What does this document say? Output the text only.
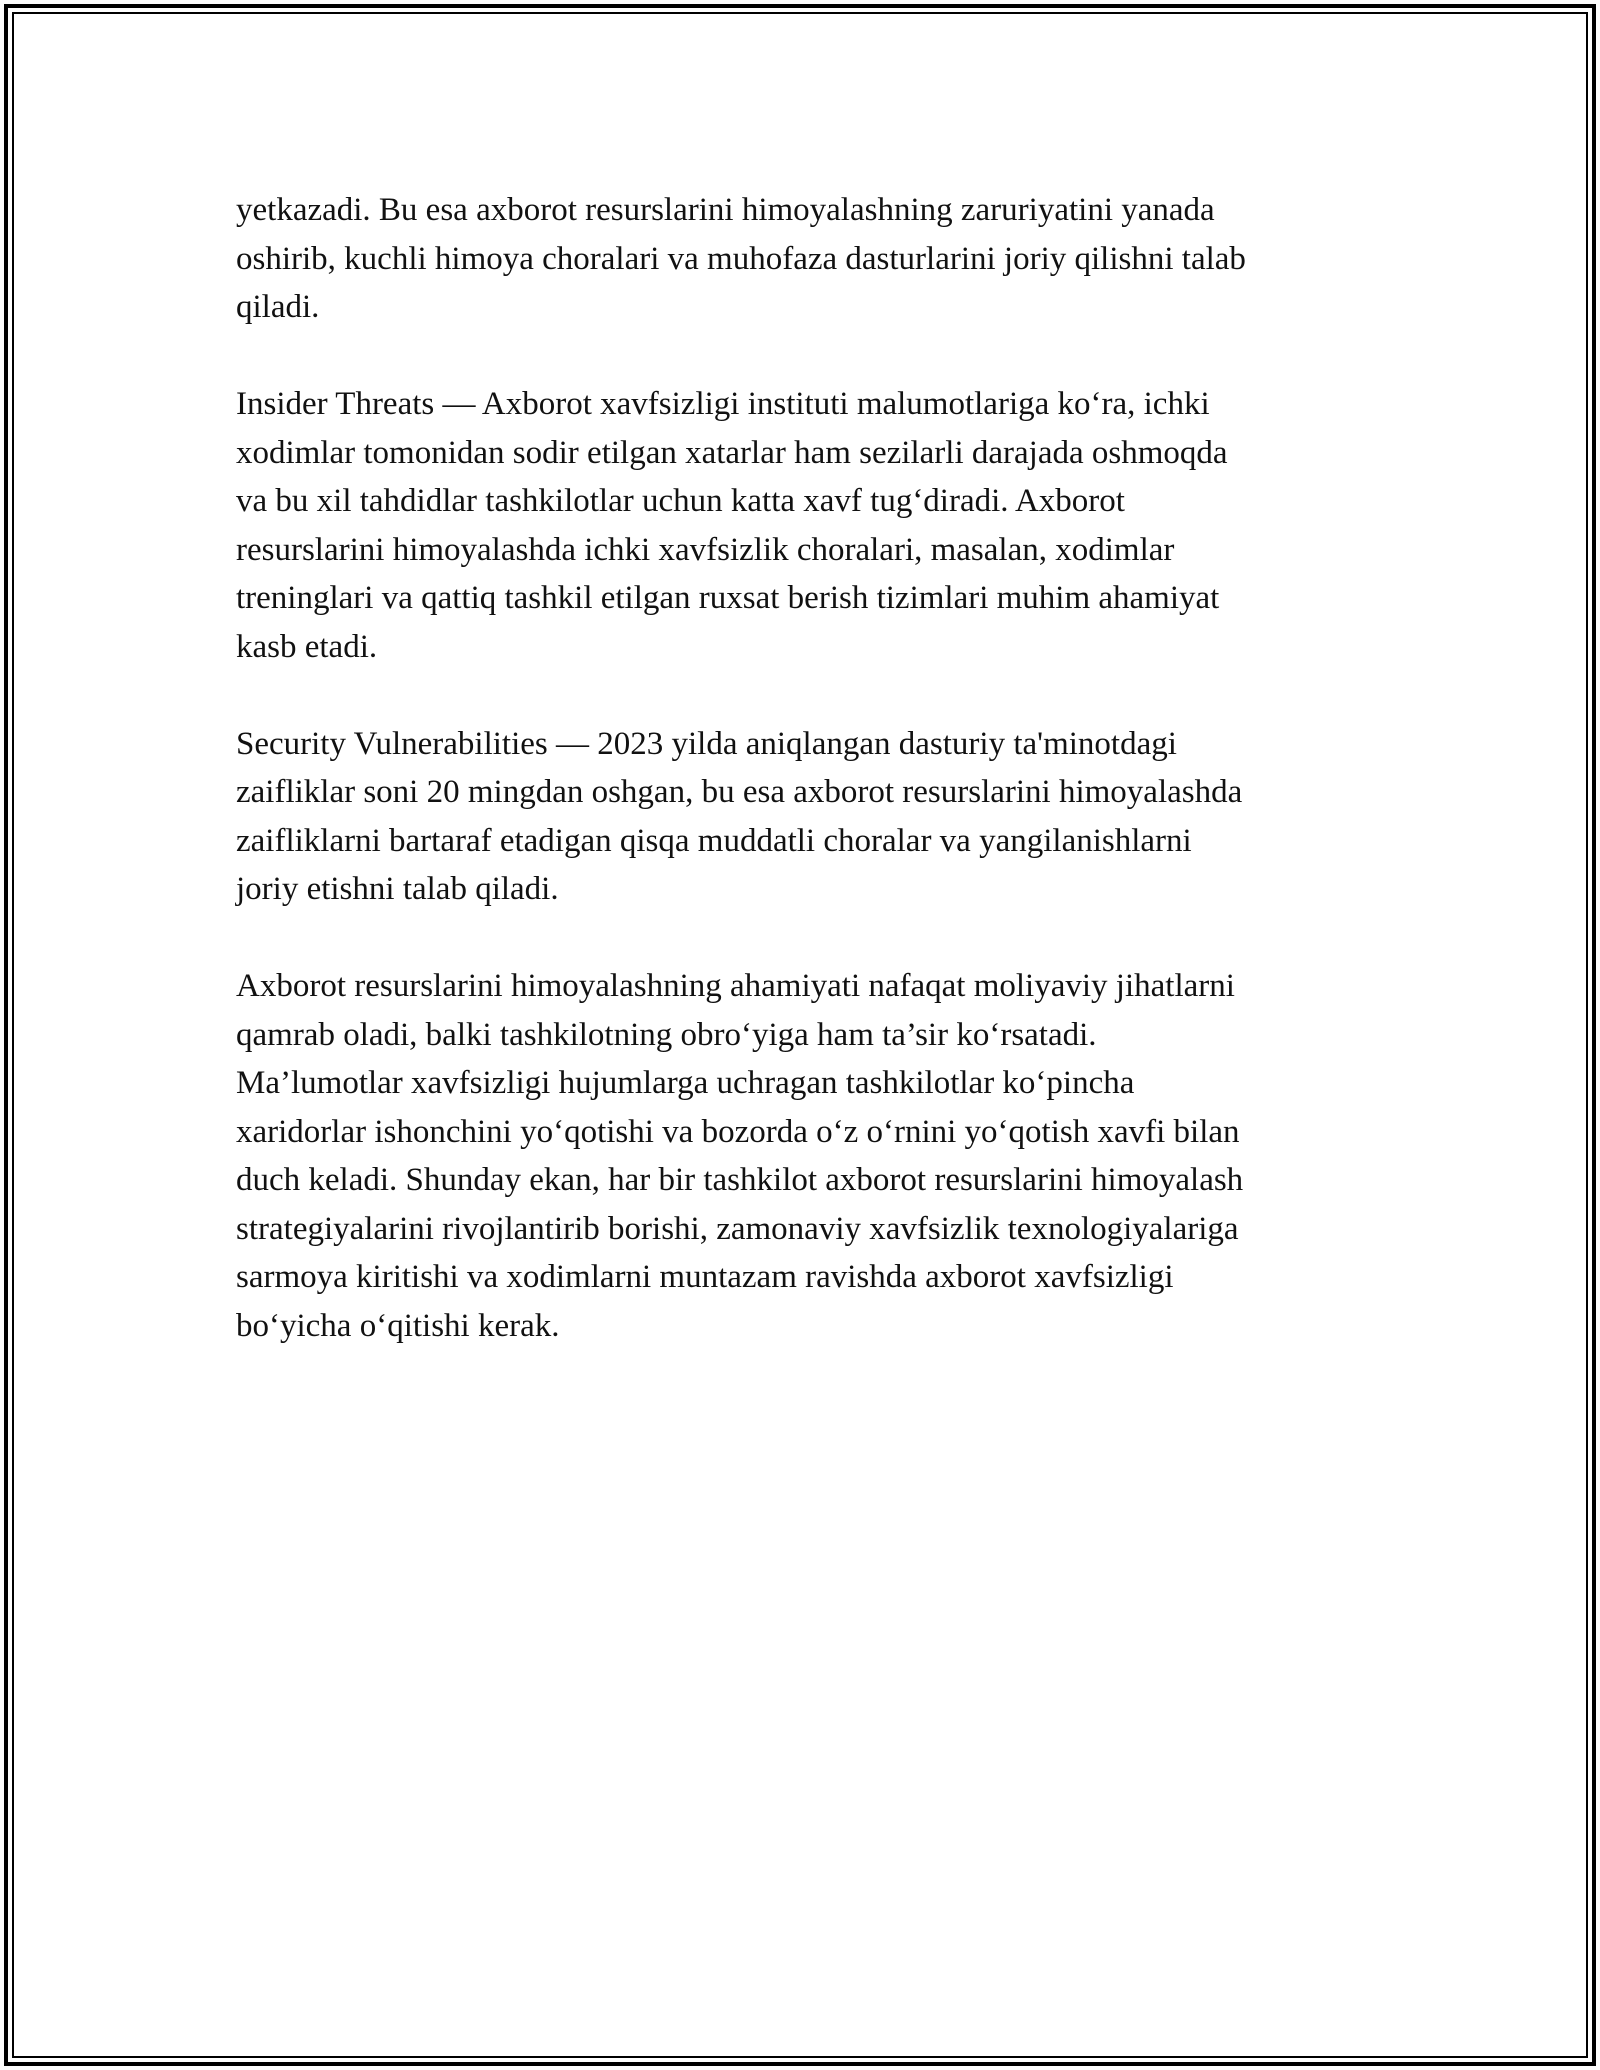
yetkazadi. Bu esa axborot resurslarini himoyalashning zaruriyatini yanada
oshirib, kuchli himoya choralari va muhofaza dasturlarini joriy qilishni talab
qiladi.

Insider Threats — Axborot xavfsizligi instituti malumotlariga koʻra, ichki
xodimlar tomonidan sodir etilgan xatarlar ham sezilarli darajada oshmoqda
va bu xil tahdidlar tashkilotlar uchun katta xavf tugʻdiradi. Axborot
resurslarini himoyalashda ichki xavfsizlik choralari, masalan, xodimlar
treninglari va qattiq tashkil etilgan ruxsat berish tizimlari muhim ahamiyat
kasb etadi.

Security Vulnerabilities — 2023 yilda aniqlangan dasturiy ta'minotdagi
zaifliklar soni 20 mingdan oshgan, bu esa axborot resurslarini himoyalashda
zaifliklarni bartaraf etadigan qisqa muddatli choralar va yangilanishlarni
joriy etishni talab qiladi.

Axborot resurslarini himoyalashning ahamiyati nafaqat moliyaviy jihatlarni
qamrab oladi, balki tashkilotning obroʻyiga ham ta’sir koʻrsatadi.
Ma’lumotlar xavfsizligi hujumlarga uchragan tashkilotlar koʻpincha
xaridorlar ishonchini yoʻqotishi va bozorda oʻz oʻrnini yoʻqotish xavfi bilan
duch keladi. Shunday ekan, har bir tashkilot axborot resurslarini himoyalash
strategiyalarini rivojlantirib borishi, zamonaviy xavfsizlik texnologiyalariga
sarmoya kiritishi va xodimlarni muntazam ravishda axborot xavfsizligi
boʻyicha oʻqitishi kerak.
